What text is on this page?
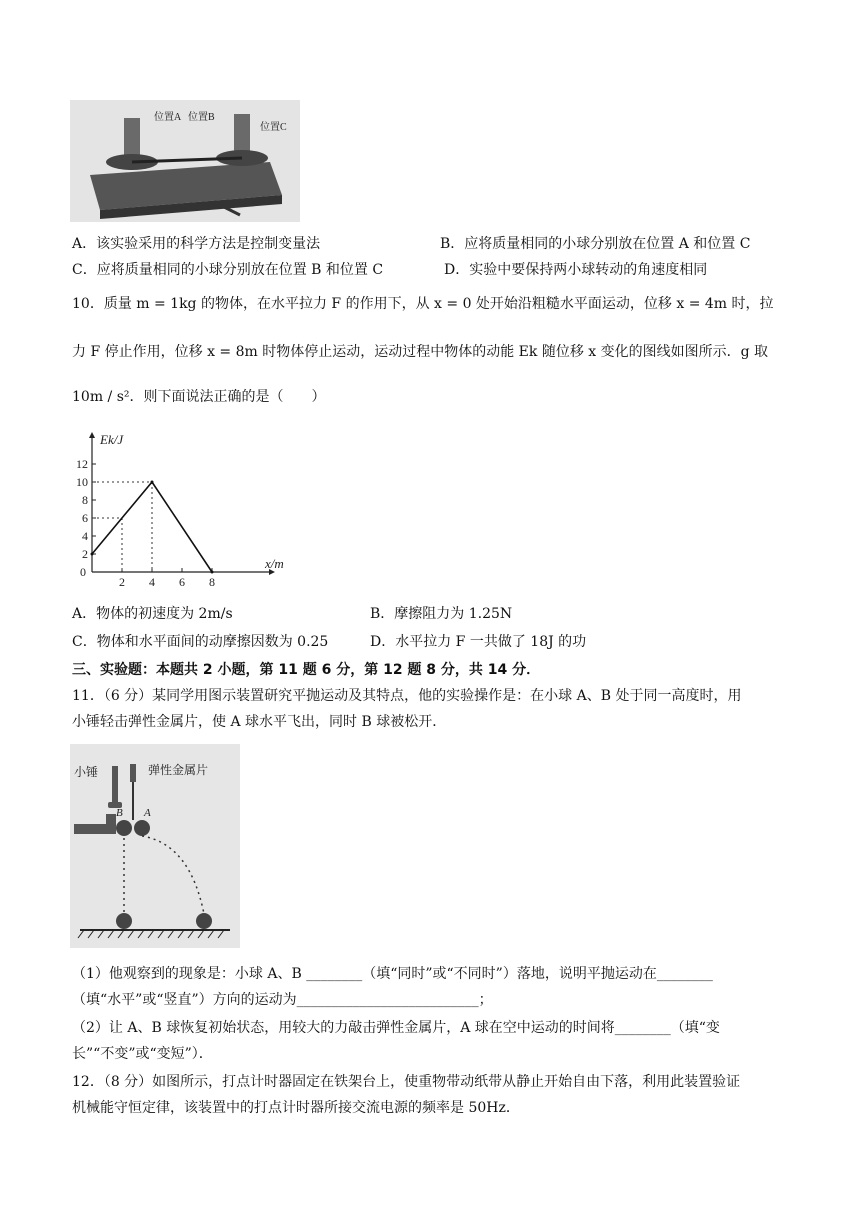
位置A 位置B
位置C
A．该实验采用的科学方法是控制变量法	B．应将质量相同的小球分别放在位置 A 和位置 C
C．应将质量相同的小球分别放在位置 B 和位置 C	D．实验中要保持两小球转动的角速度相同
10．质量 m = 1kg 的物体，在水平拉力 F 的作用下，从 x = 0 处开始沿粗糙水平面运动，位移 x = 4m 时，拉
力 F 停止作用，位移 x = 8m 时物体停止运动，运动过程中物体的动能 Ek 随位移 x 变化的图线如图所示．g 取
10m / s²．则下面说法正确的是（　　）
2
4
6
8
10
12
2 4 6 8
0
Ek/J
x/m
A．物体的初速度为 2m/s	B．摩擦阻力为 1.25N
C．物体和水平面间的动摩擦因数为 0.25	D．水平拉力 F 一共做了 18J 的功
三、实验题：本题共 2 小题，第 11 题 6 分，第 12 题 8 分，共 14 分．
11．（6 分）某同学用图示装置研究平抛运动及其特点，他的实验操作是：在小球 A、B 处于同一高度时，用
小锤轻击弹性金属片，使 A 球水平飞出，同时 B 球被松开．
小锤	弹性金属片
B A
（1）他观察到的现象是：小球 A、B ________（填“同时”或“不同时”）落地，说明平抛运动在________
（填“水平”或“竖直”）方向的运动为__________________________；
（2）让 A、B 球恢复初始状态，用较大的力敲击弹性金属片，A 球在空中运动的时间将________（填“变
长”“不变”或“变短”）．
12．（8 分）如图所示，打点计时器固定在铁架台上，使重物带动纸带从静止开始自由下落，利用此装置验证
机械能守恒定律，该装置中的打点计时器所接交流电源的频率是 50Hz．
